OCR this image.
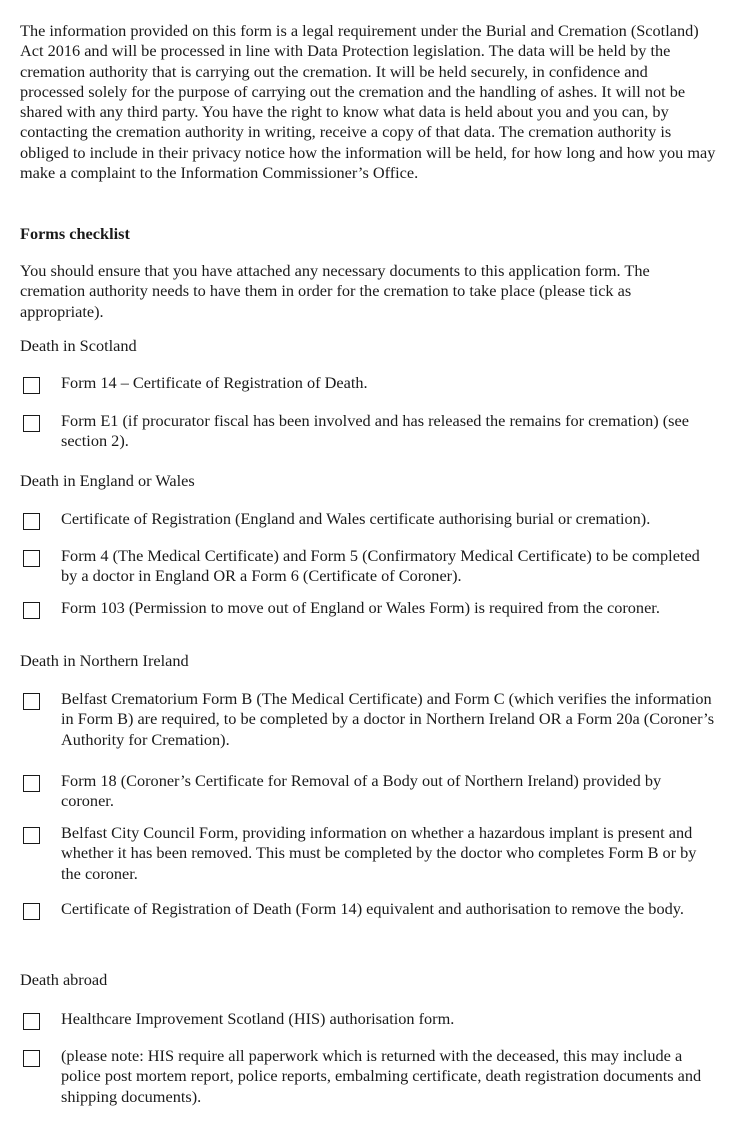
The information provided on this form is a legal requirement under the Burial and Cremation (Scotland) Act 2016 and will be processed in line with Data Protection legislation. The data will be held by the cremation authority that is carrying out the cremation. It will be held securely, in confidence and processed solely for the purpose of carrying out the cremation and the handling of ashes. It will not be shared with any third party. You have the right to know what data is held about you and you can, by contacting the cremation authority in writing, receive a copy of that data. The cremation authority is obliged to include in their privacy notice how the information will be held, for how long and how you may make a complaint to the Information Commissioner’s Office.

Forms checklist

You should ensure that you have attached any necessary documents to this application form. The cremation authority needs to have them in order for the cremation to take place (please tick as appropriate).

Death in Scotland

Form 14 – Certificate of Registration of Death.

Form E1 (if procurator fiscal has been involved and has released the remains for cremation) (see section 2).

Death in England or Wales

Certificate of Registration (England and Wales certificate authorising burial or cremation).

Form 4 (The Medical Certificate) and Form 5 (Confirmatory Medical Certificate) to be completed by a doctor in England OR a Form 6 (Certificate of Coroner).

Form 103 (Permission to move out of England or Wales Form) is required from the coroner.

Death in Northern Ireland

Belfast Crematorium Form B (The Medical Certificate) and Form C (which verifies the information in Form B) are required, to be completed by a doctor in Northern Ireland OR a Form 20a (Coroner’s Authority for Cremation).

Form 18 (Coroner’s Certificate for Removal of a Body out of Northern Ireland) provided by coroner.

Belfast City Council Form, providing information on whether a hazardous implant is present and whether it has been removed. This must be completed by the doctor who completes Form B or by the coroner.

Certificate of Registration of Death (Form 14) equivalent and authorisation to remove the body.

Death abroad

Healthcare Improvement Scotland (HIS) authorisation form.

(please note: HIS require all paperwork which is returned with the deceased, this may include a police post mortem report, police reports, embalming certificate, death registration documents and shipping documents).
